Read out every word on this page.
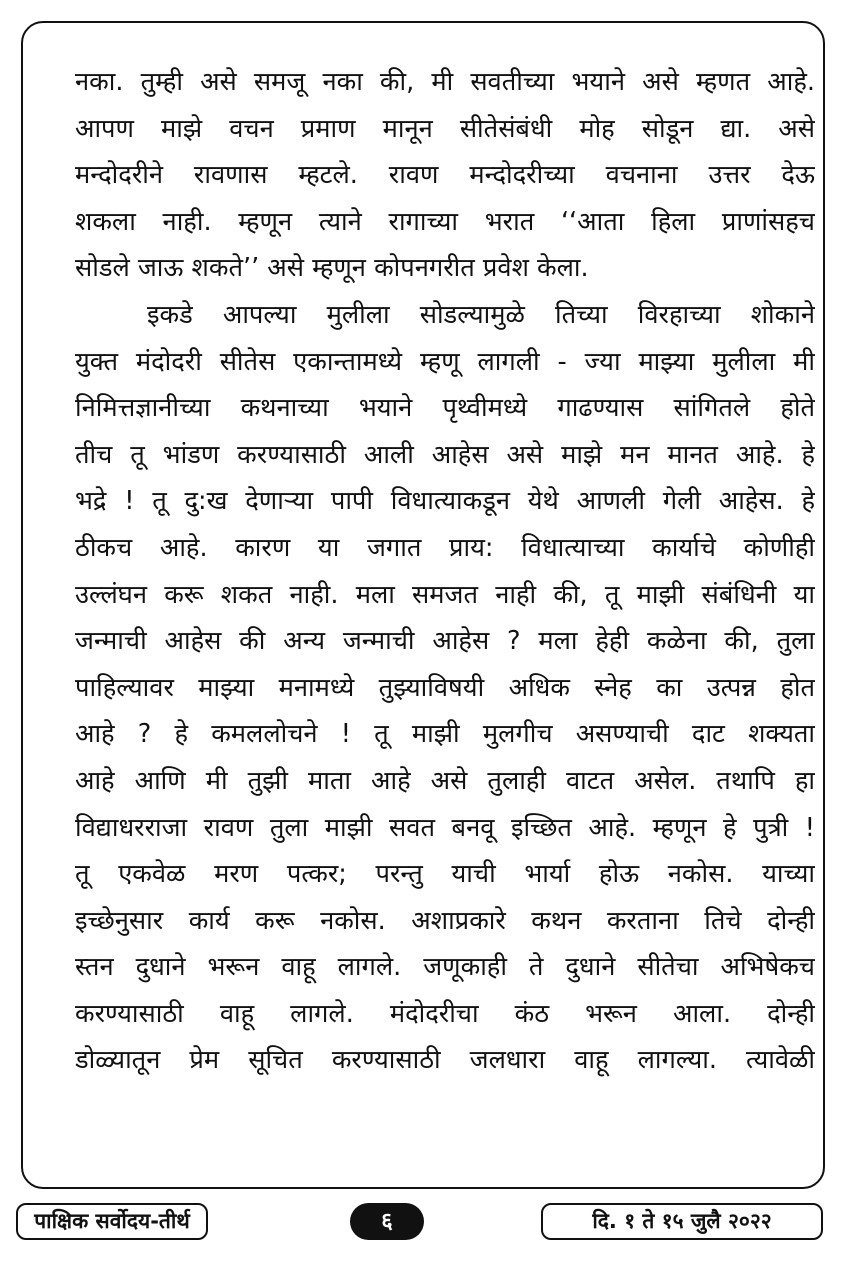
नका. तुम्ही असे समजू नका की, मी सवतीच्या भयाने असे म्हणत आहे.
आपण माझे वचन प्रमाण मानून सीतेसंबंधी मोह सोडून द्या. असे
मन्दोदरीने रावणास म्हटले. रावण मन्दोदरीच्या वचनाना उत्तर देऊ
शकला नाही. म्हणून त्याने रागाच्या भरात ‘‘आता हिला प्राणांसहच
सोडले जाऊ शकते’’ असे म्हणून कोपनगरीत प्रवेश केला.
इकडे आपल्या मुलीला सोडल्यामुळे तिच्या विरहाच्या शोकाने
युक्त मंदोदरी सीतेस एकान्तामध्ये म्हणू लागली - ज्या माझ्या मुलीला मी
निमित्तज्ञानीच्या कथनाच्या भयाने पृथ्वीमध्ये गाढण्यास सांगितले होते
तीच तू भांडण करण्यासाठी आली आहेस असे माझे मन मानत आहे. हे
भद्रे ! तू दु:ख देणाऱ्या पापी विधात्याकडून येथे आणली गेली आहेस. हे
ठीकच आहे. कारण या जगात प्राय: विधात्याच्या कार्याचे कोणीही
उल्लंघन करू शकत नाही. मला समजत नाही की, तू माझी संबंधिनी या
जन्माची आहेस की अन्य जन्माची आहेस ? मला हेही कळेना की, तुला
पाहिल्यावर माझ्या मनामध्ये तुझ्याविषयी अधिक स्नेह का उत्पन्न होत
आहे ? हे कमललोचने ! तू माझी मुलगीच असण्याची दाट शक्यता
आहे आणि मी तुझी माता आहे असे तुलाही वाटत असेल. तथापि हा
विद्याधरराजा रावण तुला माझी सवत बनवू इच्छित आहे. म्हणून हे पुत्री !
तू एकवेळ मरण पत्कर; परन्तु याची भार्या होऊ नकोस. याच्या
इच्छेनुसार कार्य करू नकोस. अशाप्रकारे कथन करताना तिचे दोन्ही
स्तन दुधाने भरून वाहू लागले. जणूकाही ते दुधाने सीतेचा अभिषेकच
करण्यासाठी वाहू लागले. मंदोदरीचा कंठ भरून आला. दोन्ही
डोळ्यातून प्रेम सूचित करण्यासाठी जलधारा वाहू लागल्या. त्यावेळी
पाक्षिक सर्वोदय-तीर्थ	६	दि. १ ते १५ जुलै २०२२
